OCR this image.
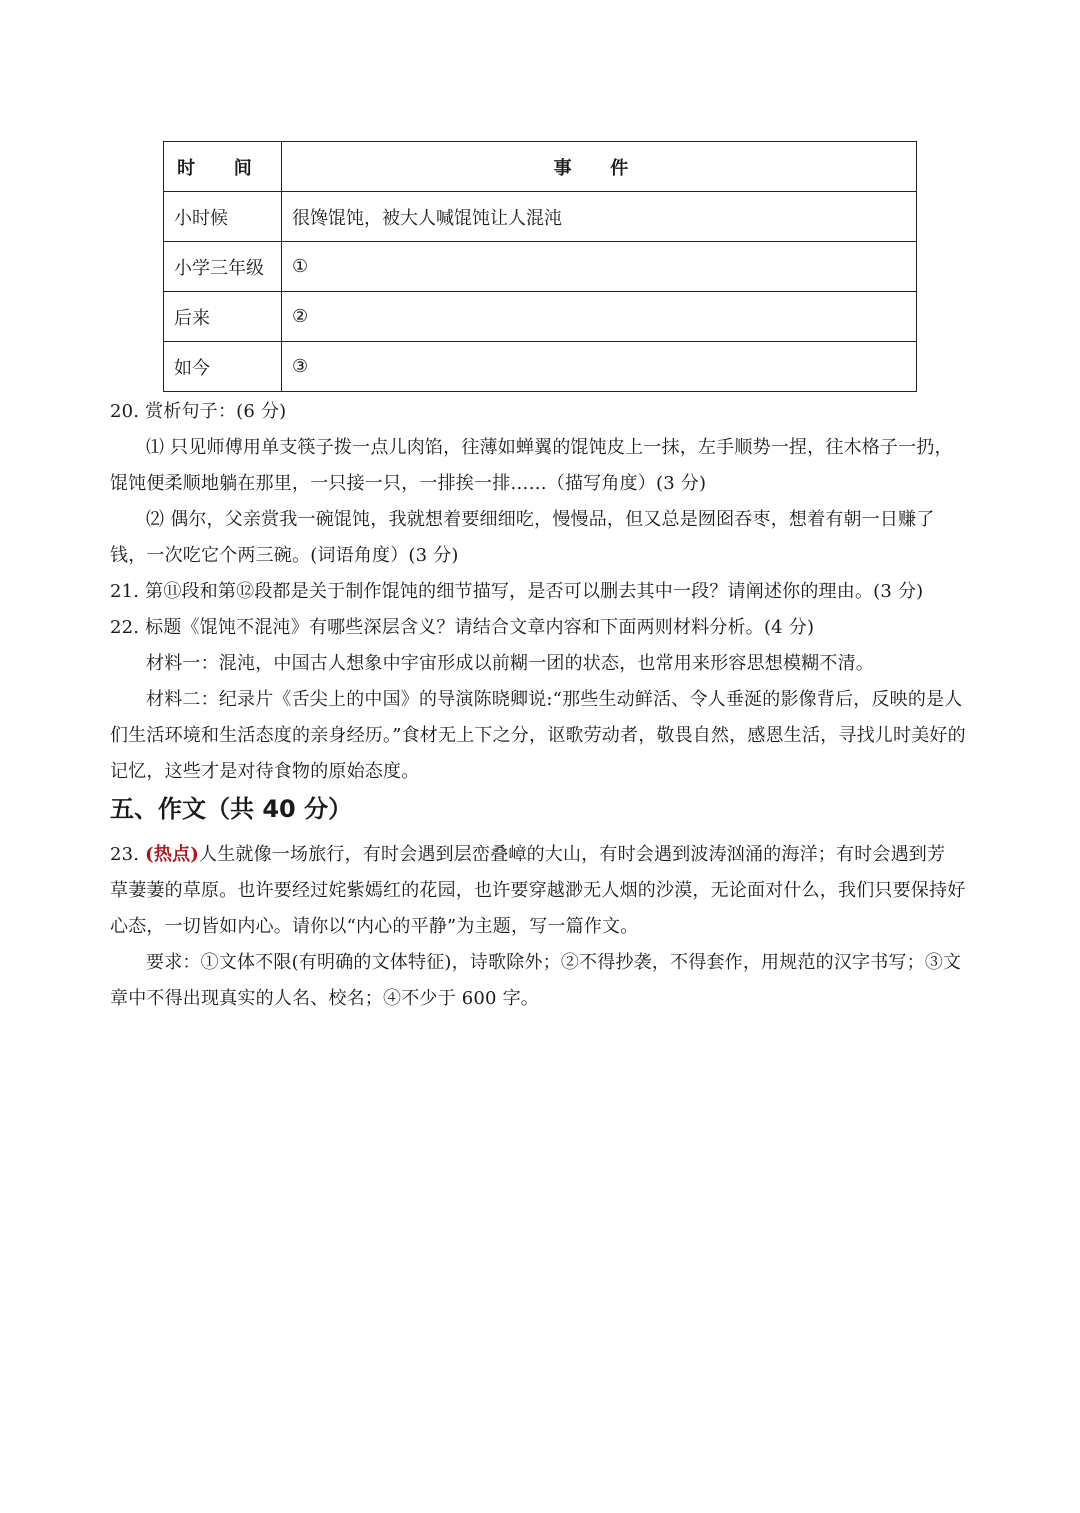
时 间	事 件
小时候	很馋馄饨，被大人喊馄饨让人混沌
小学三年级	①
后来	②
如今	③
20. 赏析句子：(6 分)
⑴ 只见师傅用单支筷子拨一点儿肉馅，往薄如蝉翼的馄饨皮上一抹，左手顺势一捏，往木格子一扔，
馄饨便柔顺地躺在那里，一只接一只，一排挨一排……（描写角度）(3 分)
⑵ 偶尔，父亲赏我一碗馄饨，我就想着要细细吃，慢慢品，但又总是囫囵吞枣，想着有朝一日赚了
钱，一次吃它个两三碗。(词语角度）(3 分)
21. 第⑪段和第⑫段都是关于制作馄饨的细节描写，是否可以删去其中一段？请阐述你的理由。(3 分)
22. 标题《馄饨不混沌》有哪些深层含义？请结合文章内容和下面两则材料分析。(4 分)
材料一：混沌，中国古人想象中宇宙形成以前糊一团的状态，也常用来形容思想模糊不清。
材料二：纪录片《舌尖上的中国》的导演陈晓卿说:“那些生动鲜活、令人垂涎的影像背后，反映的是人
们生活环境和生活态度的亲身经历。”食材无上下之分，讴歌劳动者，敬畏自然，感恩生活，寻找儿时美好的
记忆，这些才是对待食物的原始态度。
五、作文（共 40 分）
23. (热点)人生就像一场旅行，有时会遇到层峦叠嶂的大山，有时会遇到波涛汹涌的海洋；有时会遇到芳
草萋萋的草原。也许要经过姹紫嫣红的花园，也许要穿越渺无人烟的沙漠，无论面对什么，我们只要保持好
心态，一切皆如内心。请你以“内心的平静”为主题，写一篇作文。
要求：①文体不限(有明确的文体特征)，诗歌除外；②不得抄袭，不得套作，用规范的汉字书写；③文
章中不得出现真实的人名、校名；④不少于 600 字。
